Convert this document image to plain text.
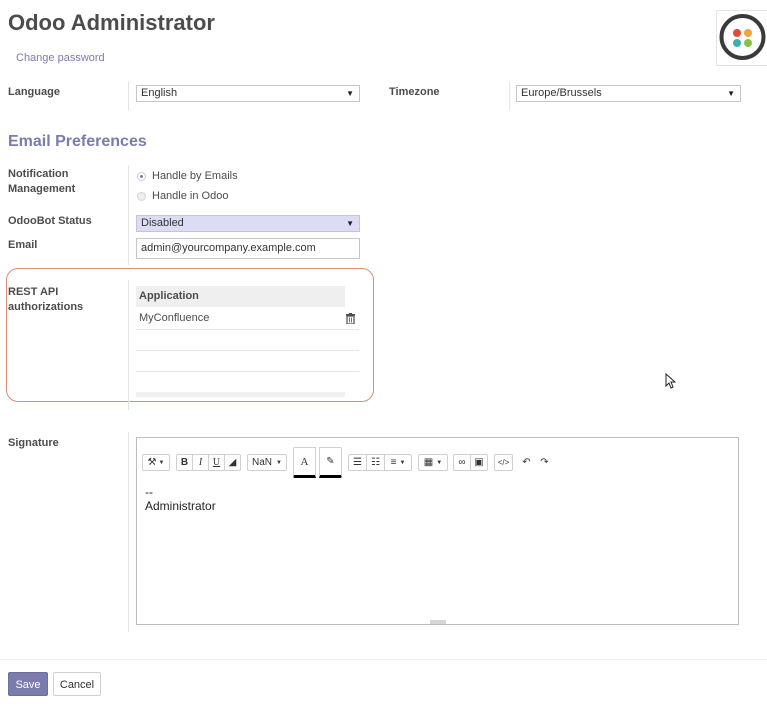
Odoo Administrator
Change password
Language	English	▼	Timezone	Europe/Brussels	▼
Email Preferences
Notification
Management
Handle by Emails
Handle in Odoo
OdooBot Status	Disabled	▼
Email	admin@yourcompany.example.com
REST API
authorizations
Application
MyConfluence
Signature
⚒ ▼	B	I	U ◢ NaN ▼	A	✎ ☰ ☷ ≡ ▼ ▦ ▼ ∞ ▣ </> ↶ ↷
--
Administrator
Save	Cancel
